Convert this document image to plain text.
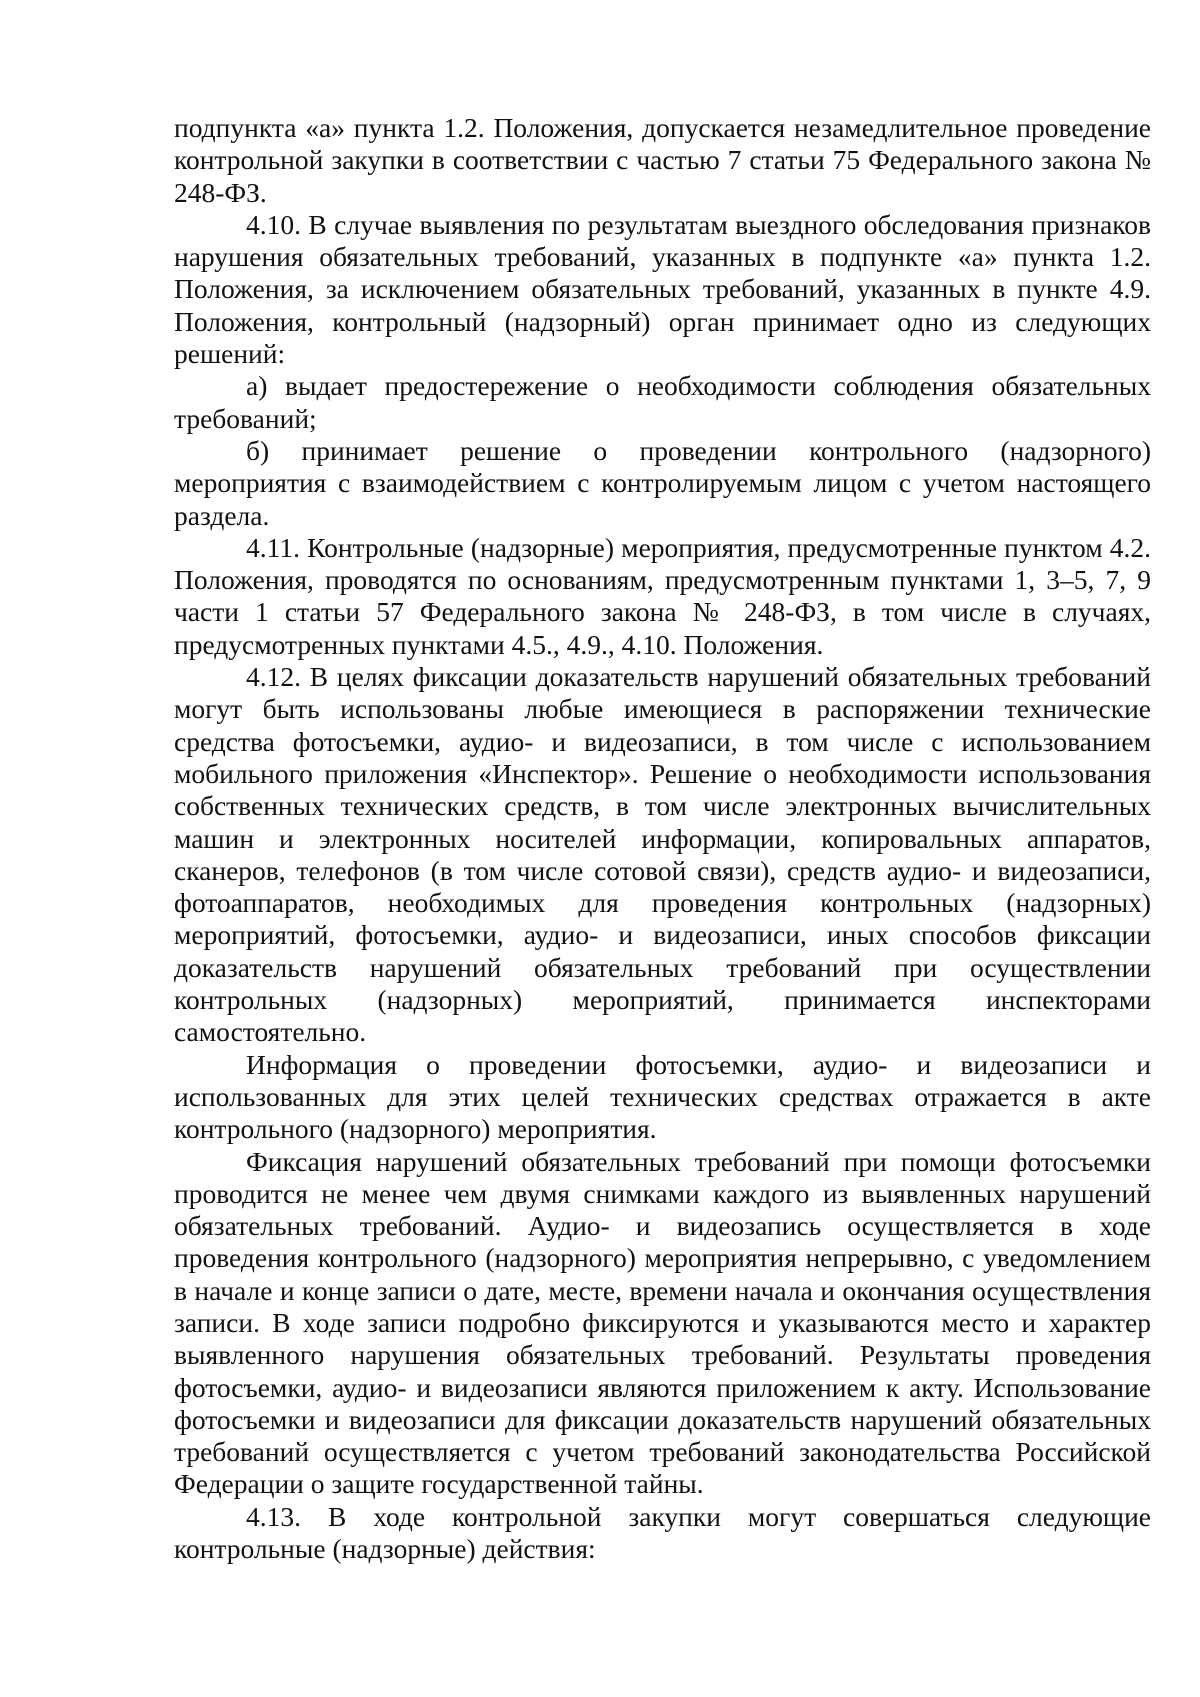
подпункта «а» пункта 1.2. Положения, допускается незамедлительное проведение контрольной закупки в соответствии с частью 7 статьи 75 Федерального закона № 248-ФЗ.

4.10. В случае выявления по результатам выездного обследования признаков нарушения обязательных требований, указанных в подпункте «а» пункта 1.2. Положения, за исключением обязательных требований, указанных в пункте 4.9. Положения, контрольный (надзорный) орган принимает одно из следующих решений:

а) выдает предостережение о необходимости соблюдения обязательных требований;

б) принимает решение о проведении контрольного (надзорного) мероприятия с взаимодействием с контролируемым лицом с учетом настоящего раздела.

4.11. Контрольные (надзорные) мероприятия, предусмотренные пунктом 4.2. Положения, проводятся по основаниям, предусмотренным пунктами 1, 3–5, 7, 9 части 1 статьи 57 Федерального закона № 248-ФЗ, в том числе в случаях, предусмотренных пунктами 4.5., 4.9., 4.10. Положения.

4.12. В целях фиксации доказательств нарушений обязательных требований могут быть использованы любые имеющиеся в распоряжении технические средства фотосъемки, аудио- и видеозаписи, в том числе с использованием мобильного приложения «Инспектор». Решение о необходимости использования собственных технических средств, в том числе электронных вычислительных машин и электронных носителей информации, копировальных аппаратов, сканеров, телефонов (в том числе сотовой связи), средств аудио- и видеозаписи, фотоаппаратов, необходимых для проведения контрольных (надзорных) мероприятий, фотосъемки, аудио- и видеозаписи, иных способов фиксации доказательств нарушений обязательных требований при осуществлении контрольных (надзорных) мероприятий, принимается инспекторами самостоятельно.

Информация о проведении фотосъемки, аудио- и видеозаписи и использованных для этих целей технических средствах отражается в акте контрольного (надзорного) мероприятия.

Фиксация нарушений обязательных требований при помощи фотосъемки проводится не менее чем двумя снимками каждого из выявленных нарушений обязательных требований. Аудио- и видеозапись осуществляется в ходе проведения контрольного (надзорного) мероприятия непрерывно, с уведомлением в начале и конце записи о дате, месте, времени начала и окончания осуществления записи. В ходе записи подробно фиксируются и указываются место и характер выявленного нарушения обязательных требований. Результаты проведения фотосъемки, аудио- и видеозаписи являются приложением к акту. Использование фотосъемки и видеозаписи для фиксации доказательств нарушений обязательных требований осуществляется с учетом требований законодательства Российской Федерации о защите государственной тайны.

4.13. В ходе контрольной закупки могут совершаться следующие контрольные (надзорные) действия:
